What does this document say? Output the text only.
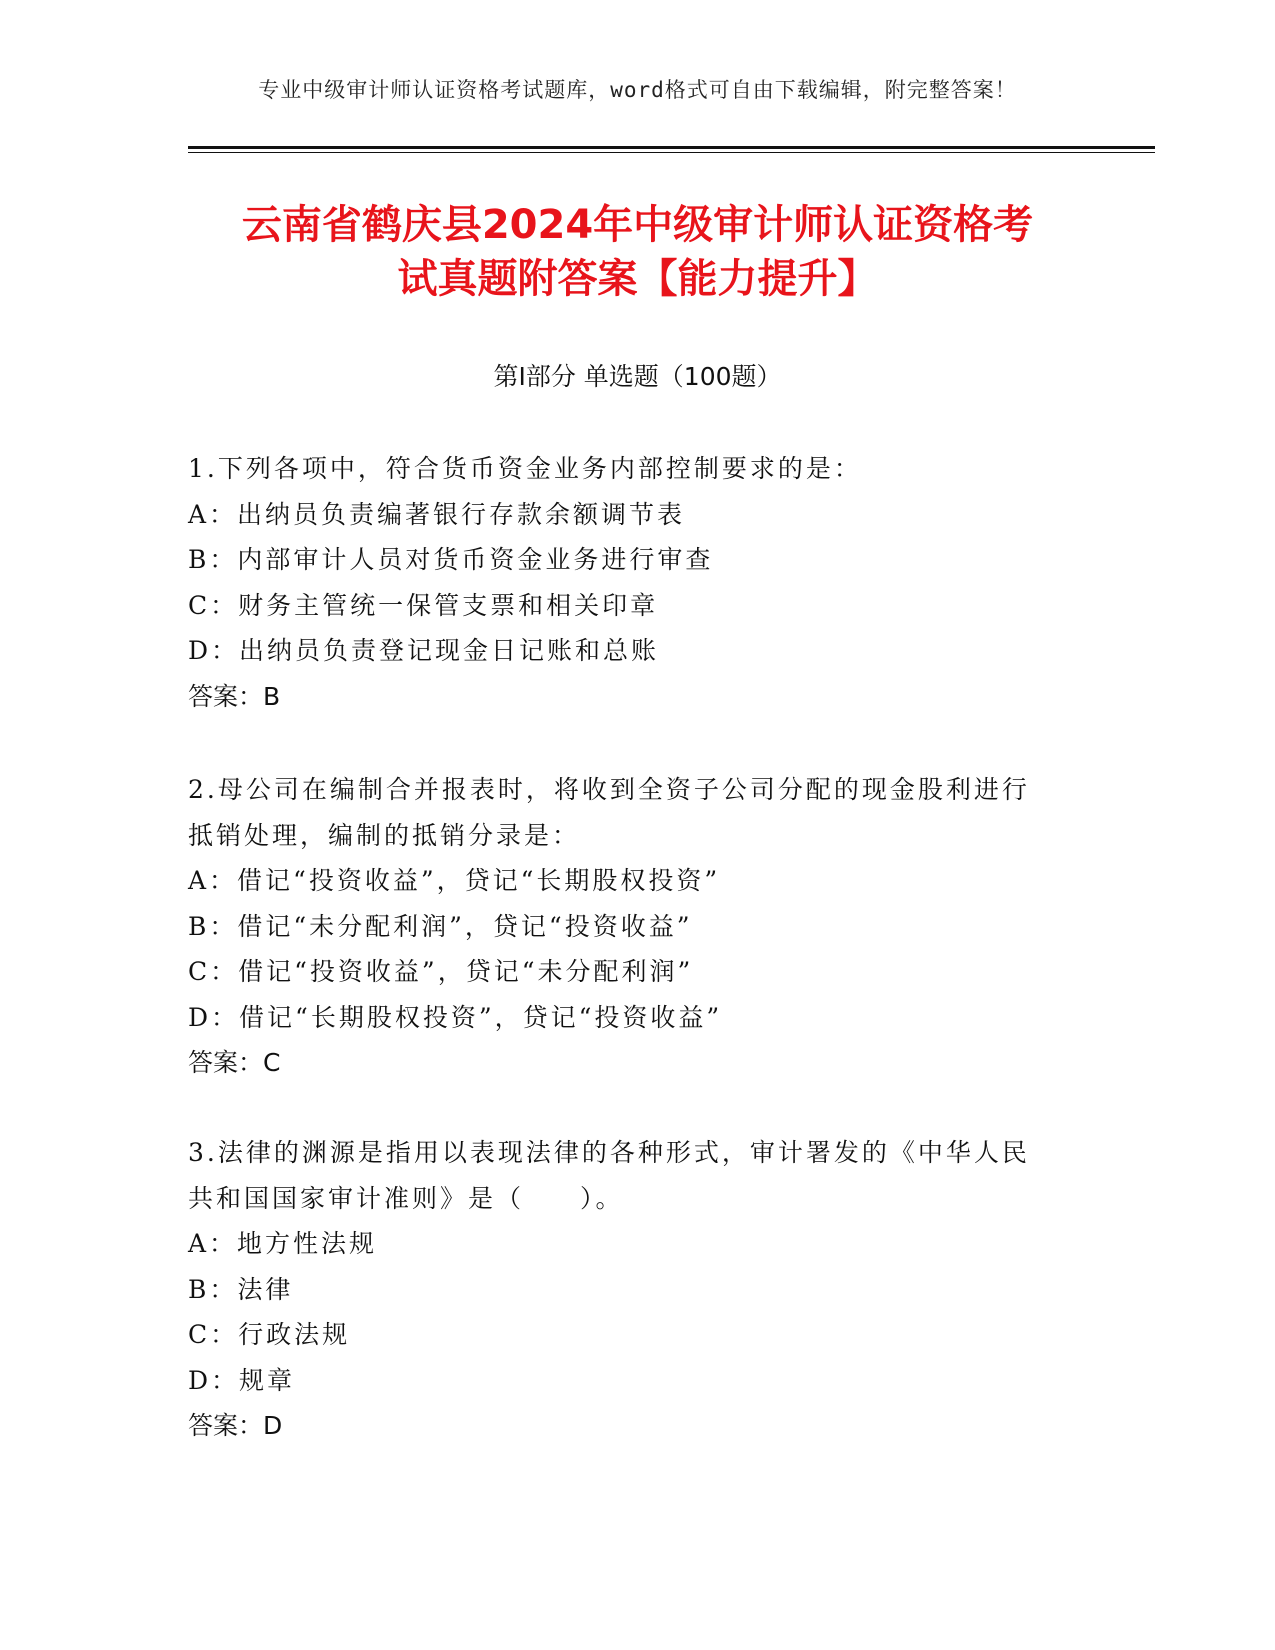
专业中级审计师认证资格考试题库，word格式可自由下载编辑，附完整答案！
云南省鹤庆县2024年中级审计师认证资格考
试真题附答案【能力提升】
第Ⅰ部分 单选题（100题）
1.下列各项中，符合货币资金业务内部控制要求的是：
A：出纳员负责编著银行存款余额调节表
B：内部审计人员对货币资金业务进行审查
C：财务主管统一保管支票和相关印章
D：出纳员负责登记现金日记账和总账
答案：B
2.母公司在编制合并报表时，将收到全资子公司分配的现金股利进行
抵销处理，编制的抵销分录是：
A：借记“投资收益”，贷记“长期股权投资”
B：借记“未分配利润”，贷记“投资收益”
C：借记“投资收益”，贷记“未分配利润”
D：借记“长期股权投资”，贷记“投资收益”
答案：C
3.法律的渊源是指用以表现法律的各种形式，审计署发的《中华人民
共和国国家审计准则》是（　　）。
A：地方性法规
B：法律
C：行政法规
D：规章
答案：D
